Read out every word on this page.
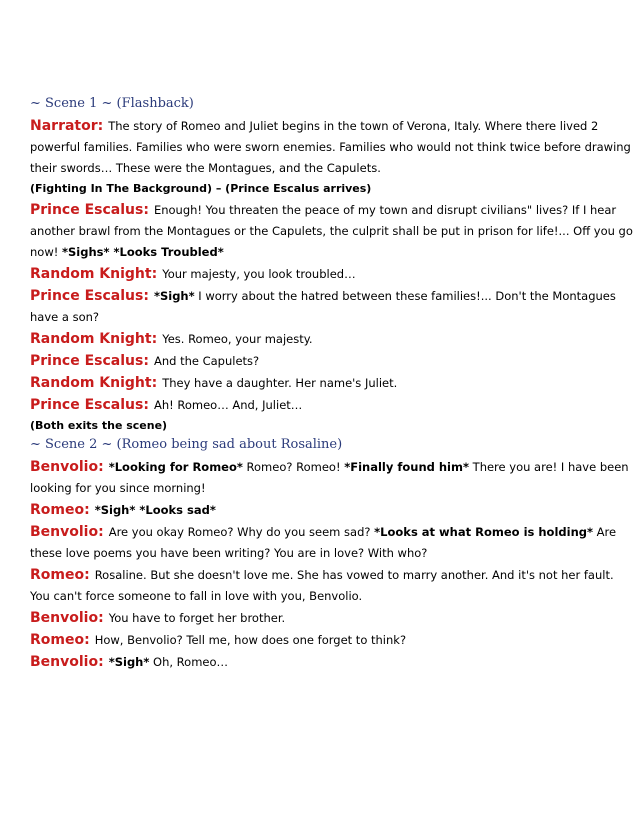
~ Scene 1 ~ (Flashback)
Narrator: The story of Romeo and Juliet begins in the town of Verona, Italy. Where there lived 2 powerful families. Families who were sworn enemies. Families who would not think twice before drawing their swords… These were the Montagues, and the Capulets.
(Fighting In The Background) – (Prince Escalus arrives)
Prince Escalus: Enough! You threaten the peace of my town and disrupt civilians" lives? If I hear another brawl from the Montagues or the Capulets, the culprit shall be put in prison for life!... Off you go now! *Sighs* *Looks Troubled*
Random Knight: Your majesty, you look troubled…
Prince Escalus: *Sigh* I worry about the hatred between these families!... Don't the Montagues have a son?
Random Knight: Yes. Romeo, your majesty.
Prince Escalus: And the Capulets?
Random Knight: They have a daughter. Her name's Juliet.
Prince Escalus: Ah! Romeo… And, Juliet…
(Both exits the scene)
~ Scene 2 ~ (Romeo being sad about Rosaline)
Benvolio: *Looking for Romeo* Romeo? Romeo! *Finally found him* There you are! I have been looking for you since morning!
Romeo: *Sigh* *Looks sad*
Benvolio: Are you okay Romeo? Why do you seem sad? *Looks at what Romeo is holding* Are these love poems you have been writing? You are in love? With who?
Romeo: Rosaline. But she doesn't love me. She has vowed to marry another. And it's not her fault. You can't force someone to fall in love with you, Benvolio.
Benvolio: You have to forget her brother.
Romeo: How, Benvolio? Tell me, how does one forget to think?
Benvolio: *Sigh* Oh, Romeo…
